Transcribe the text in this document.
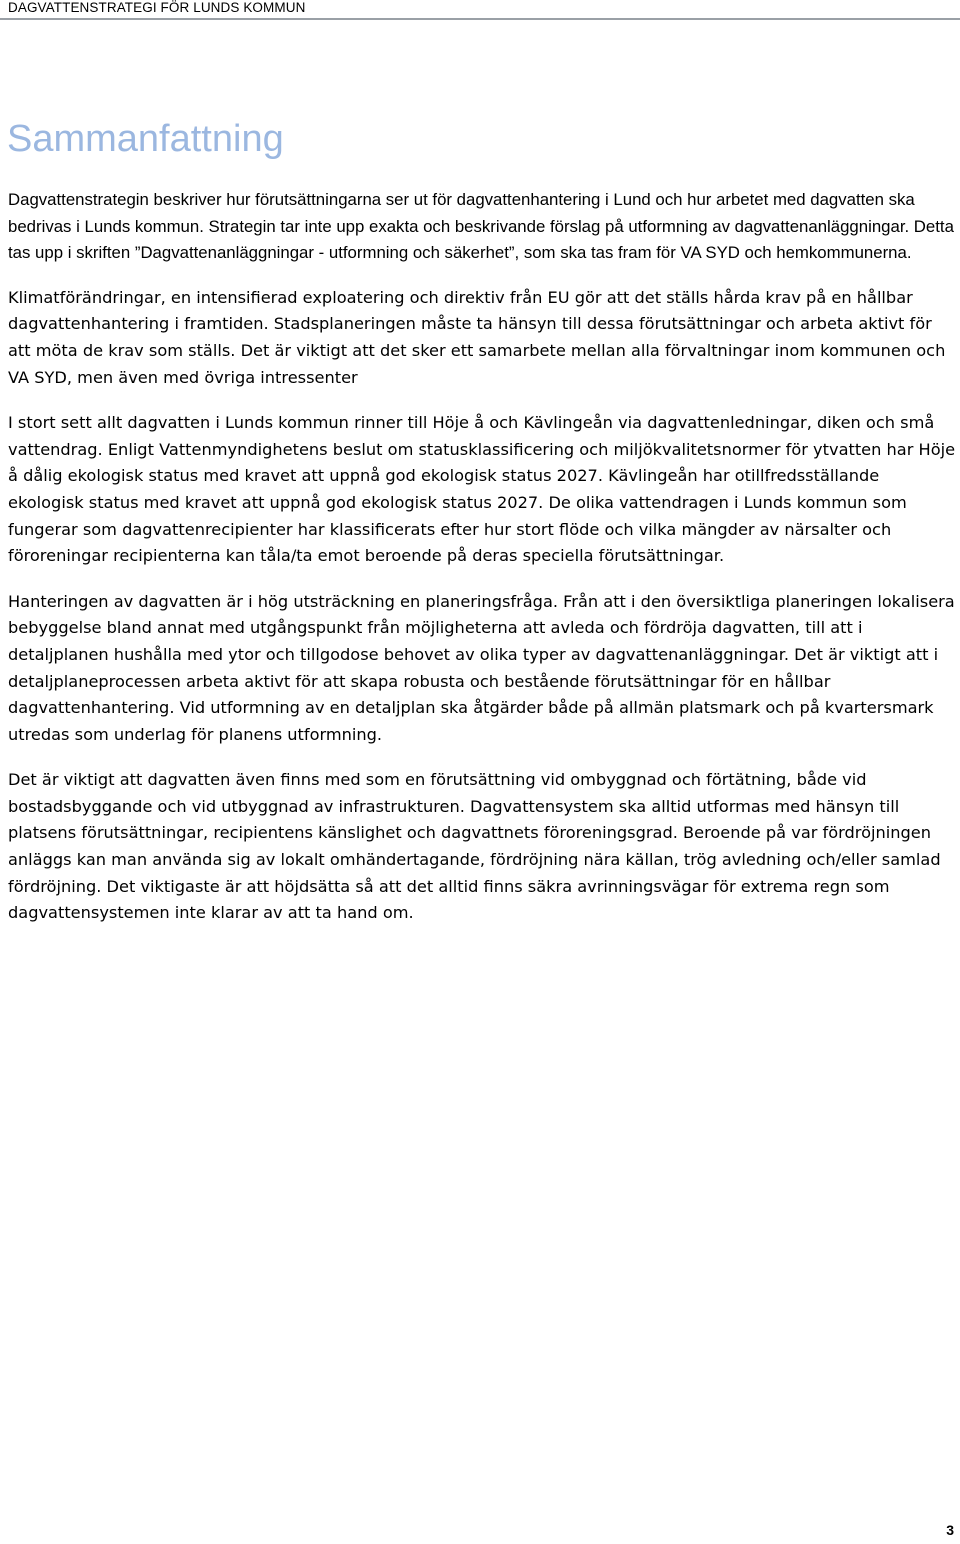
DAGVATTENSTRATEGI FÖR LUNDS KOMMUN
Sammanfattning

Dagvattenstrategin beskriver hur förutsättningarna ser ut för dagvattenhantering i Lund och hur arbetet med dagvatten ska bedrivas i Lunds kommun. Strategin tar inte upp exakta och beskrivande förslag på utformning av dagvattenanläggningar. Detta tas upp i skriften ”Dagvattenanläggningar - utformning och säkerhet”, som ska tas fram för VA SYD och hemkommunerna.

Klimatförändringar, en intensifierad exploatering och direktiv från EU gör att det ställs hårda krav på en hållbar dagvattenhantering i framtiden. Stadsplaneringen måste ta hänsyn till dessa förutsättningar och arbeta aktivt för att möta de krav som ställs. Det är viktigt att det sker ett samarbete mellan alla förvaltningar inom kommunen och VA SYD, men även med övriga intressenter

I stort sett allt dagvatten i Lunds kommun rinner till Höje å och Kävlingeån via dagvattenledningar, diken och små vattendrag. Enligt Vattenmyndighetens beslut om statusklassificering och miljökvalitetsnormer för ytvatten har Höje å dålig ekologisk status med kravet att uppnå god ekologisk status 2027. Kävlingeån har otillfredsställande ekologisk status med kravet att uppnå god ekologisk status 2027. De olika vattendragen i Lunds kommun som fungerar som dagvattenrecipienter har klassificerats efter hur stort flöde och vilka mängder av närsalter och föroreningar recipienterna kan tåla/ta emot beroende på deras speciella förutsättningar.

Hanteringen av dagvatten är i hög utsträckning en planeringsfråga. Från att i den översiktliga planeringen lokalisera bebyggelse bland annat med utgångspunkt från möjligheterna att avleda och fördröja dagvatten, till att i detaljplanen hushålla med ytor och tillgodose behovet av olika typer av dagvattenanläggningar. Det är viktigt att i detaljplaneprocessen arbeta aktivt för att skapa robusta och bestående förutsättningar för en hållbar dagvattenhantering. Vid utformning av en detaljplan ska åtgärder både på allmän platsmark och på kvartersmark utredas som underlag för planens utformning.

Det är viktigt att dagvatten även finns med som en förutsättning vid ombyggnad och förtätning, både vid bostadsbyggande och vid utbyggnad av infrastrukturen. Dagvattensystem ska alltid utformas med hänsyn till platsens förutsättningar, recipientens känslighet och dagvattnets föroreningsgrad. Beroende på var fördröjningen anläggs kan man använda sig av lokalt omhändertagande, fördröjning nära källan, trög avledning och/eller samlad fördröjning. Det viktigaste är att höjdsätta så att det alltid finns säkra avrinningsvägar för extrema regn som dagvattensystemen inte klarar av att ta hand om.

3
